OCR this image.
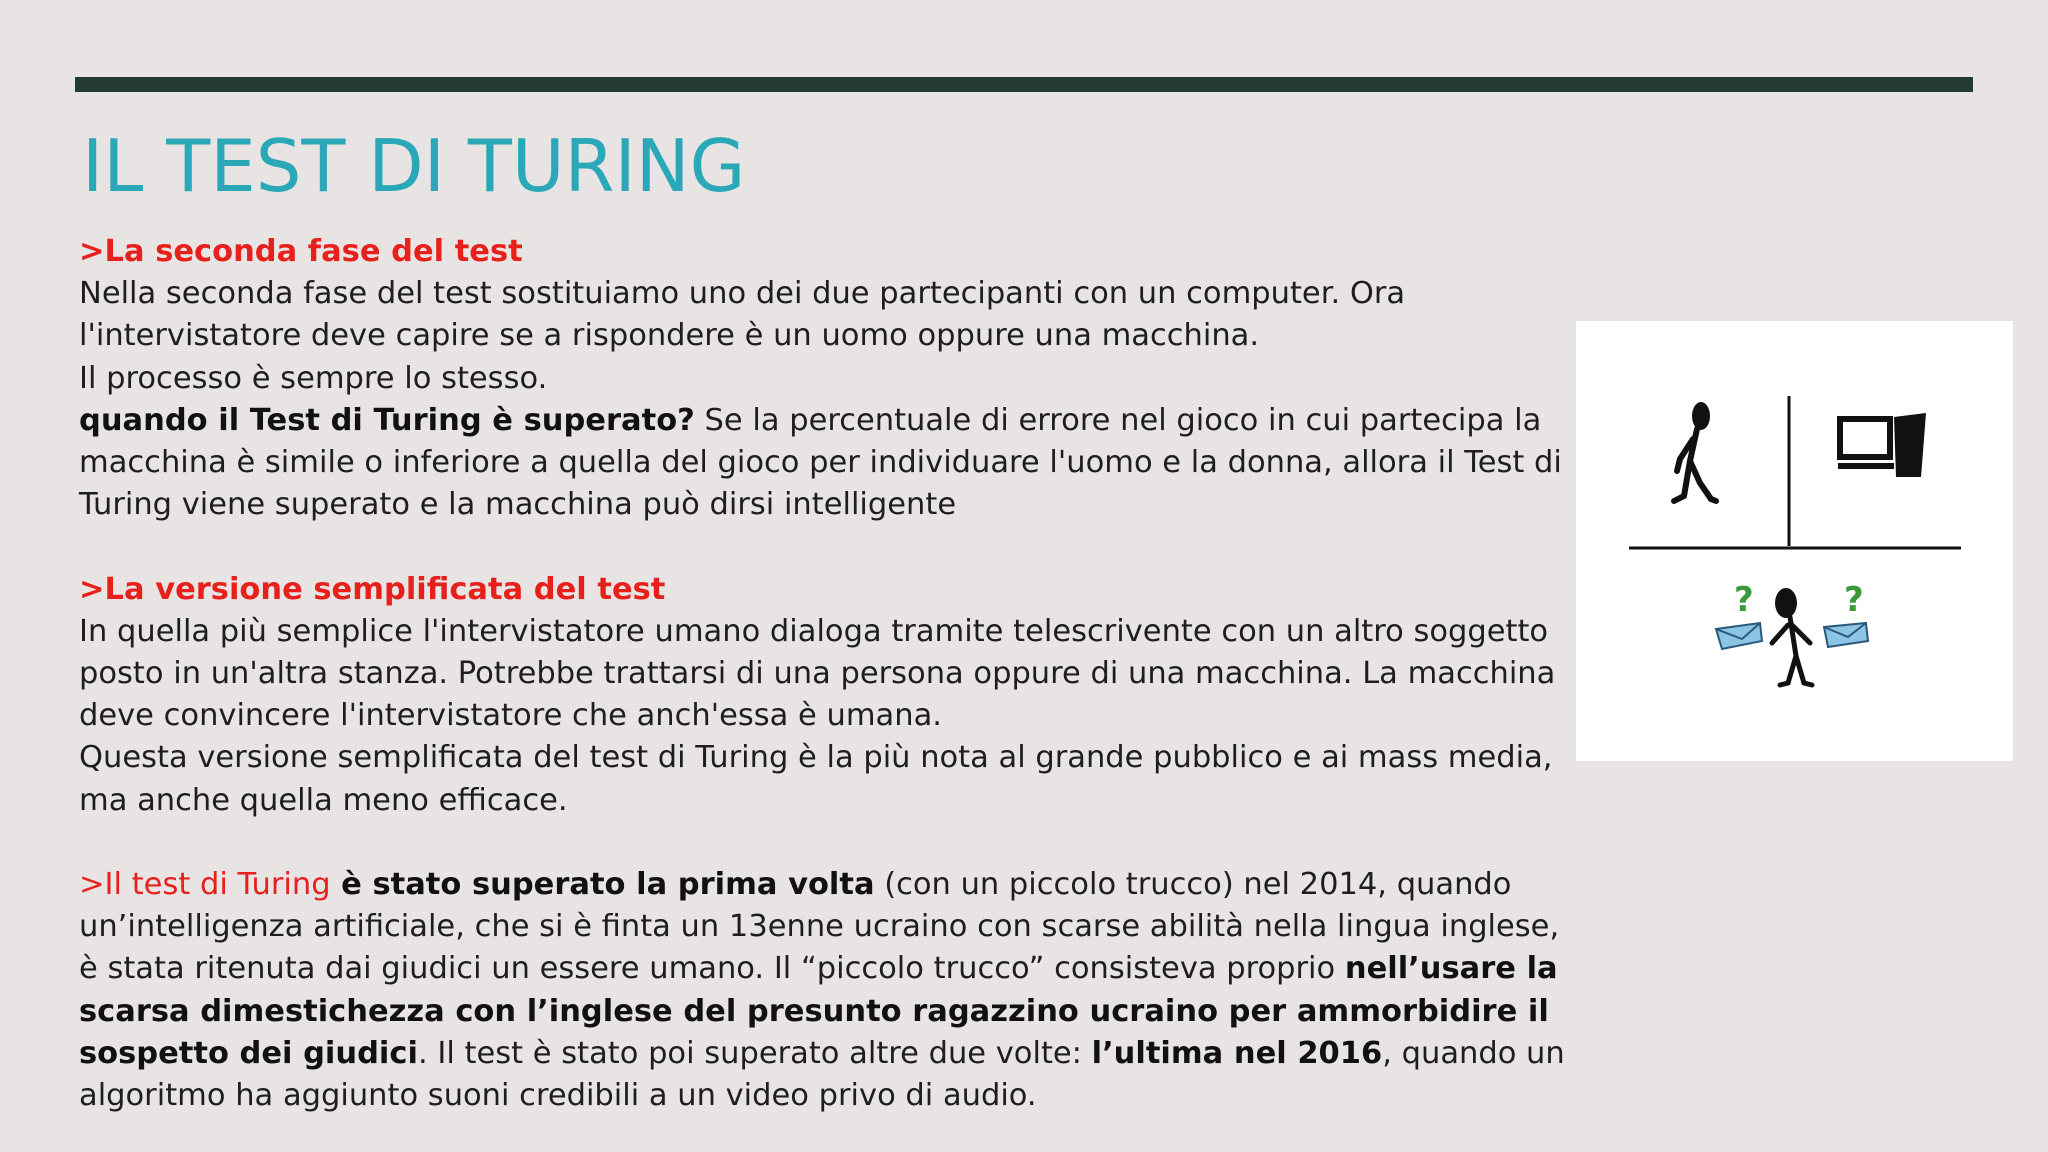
IL TEST DI TURING

>La seconda fase del test

Nella seconda fase del test sostituiamo uno dei due partecipanti con un computer. Ora l'intervistatore deve capire se a rispondere è un uomo oppure una macchina.

Il processo è sempre lo stesso.

quando il Test di Turing è superato? Se la percentuale di errore nel gioco in cui partecipa la macchina è simile o inferiore a quella del gioco per individuare l'uomo e la donna, allora il Test di Turing viene superato e la macchina può dirsi intelligente

>La versione semplificata del test

In quella più semplice l'intervistatore umano dialoga tramite telescrivente con un altro soggetto posto in un'altra stanza. Potrebbe trattarsi di una persona oppure di una macchina. La macchina deve convincere l'intervistatore che anch'essa è umana.

Questa versione semplificata del test di Turing è la più nota al grande pubblico e ai mass media, ma anche quella meno efficace.

>Il test di Turing è stato superato la prima volta (con un piccolo trucco) nel 2014, quando un’intelligenza artificiale, che si è finta un 13enne ucraino con scarse abilità nella lingua inglese, è stata ritenuta dai giudici un essere umano. Il “piccolo trucco” consisteva proprio nell’usare la scarsa dimestichezza con l’inglese del presunto ragazzino ucraino per ammorbidire il sospetto dei giudici. Il test è stato poi superato altre due volte: l’ultima nel 2016, quando un algoritmo ha aggiunto suoni credibili a un video privo di audio.

?	?
